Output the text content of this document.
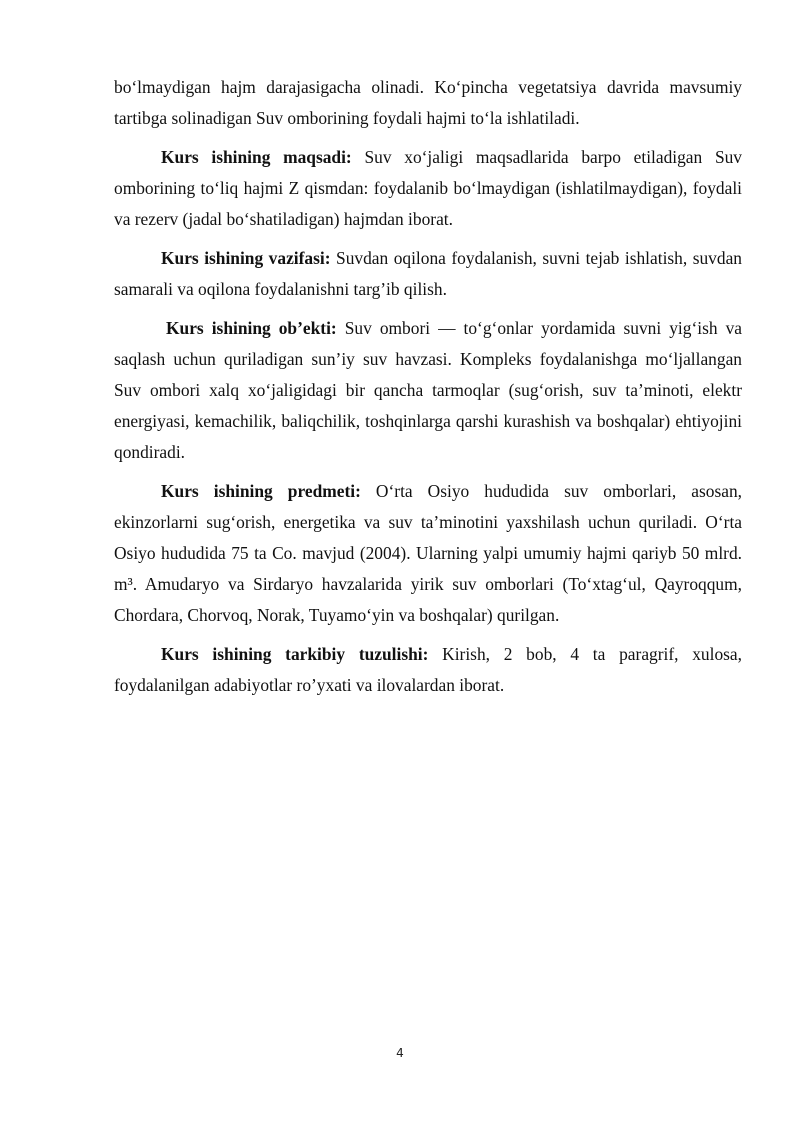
bo‘lmaydigan hajm darajasigacha olinadi. Ko‘pincha vegetatsiya davrida mavsumiy tartibga solinadigan Suv omborining foydali hajmi to‘la ishlatiladi.

Kurs ishining maqsadi: Suv xo‘jaligi maqsadlarida barpo etiladigan Suv omborining to‘liq hajmi Z qismdan: foydalanib bo‘lmaydigan (ishlatilmaydigan), foydali va rezerv (jadal bo‘shatiladigan) hajmdan iborat.

Kurs ishining vazifasi: Suvdan oqilona foydalanish, suvni tejab ishlatish, suvdan samarali va oqilona foydalanishni targ’ib qilish.

Kurs ishining ob’ekti: Suv ombori — to‘g‘onlar yordamida suvni yig‘ish va saqlash uchun quriladigan sun’iy suv havzasi. Kompleks foydalanishga mo‘ljallangan Suv ombori xalq xo‘jaligidagi bir qancha tarmoqlar (sug‘orish, suv ta’minoti, elektr energiyasi, kemachilik, baliqchilik, toshqinlarga qarshi kurashish va boshqalar) ehtiyojini qondiradi.

Kurs ishining predmeti: O‘rta Osiyo hududida suv omborlari, asosan, ekinzorlarni sug‘orish, energetika va suv ta’minotini yaxshilash uchun quriladi. O‘rta Osiyo hududida 75 ta Co. mavjud (2004). Ularning yalpi umumiy hajmi qariyb 50 mlrd. m³. Amudaryo va Sirdaryo havzalarida yirik suv omborlari (To‘xtag‘ul, Qayroqqum, Chordara, Chorvoq, Norak, Tuyamo‘yin va boshqalar) qurilgan.

Kurs ishining tarkibiy tuzulishi: Kirish, 2 bob, 4 ta paragrif, xulosa, foydalanilgan adabiyotlar ro’yxati va ilovalardan iborat.

4
